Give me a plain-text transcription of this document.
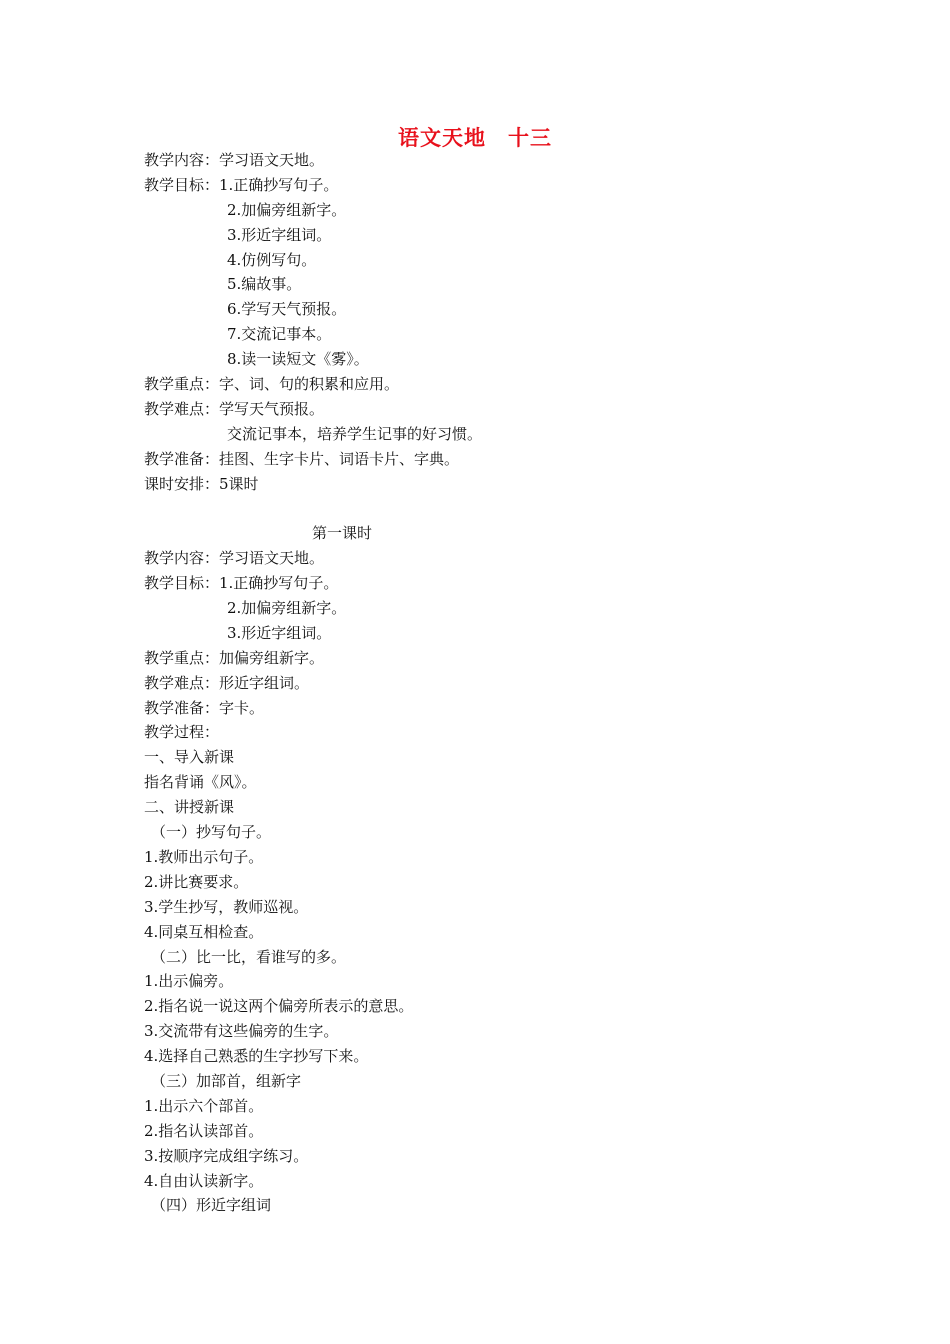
语文天地　十三
教学内容：学习语文天地。
教学目标：1.正确抄写句子。
2.加偏旁组新字。
3.形近字组词。
4.仿例写句。
5.编故事。
6.学写天气预报。
7.交流记事本。
8.读一读短文《雾》。
教学重点：字、词、句的积累和应用。
教学难点：学写天气预报。
交流记事本，培养学生记事的好习惯。
教学准备：挂图、生字卡片、词语卡片、字典。
课时安排：5课时
第一课时
教学内容：学习语文天地。
教学目标：1.正确抄写句子。
2.加偏旁组新字。
3.形近字组词。
教学重点：加偏旁组新字。
教学难点：形近字组词。
教学准备：字卡。
教学过程：
一、导入新课
指名背诵《风》。
二、讲授新课
（一）抄写句子。
1.教师出示句子。
2.讲比赛要求。
3.学生抄写，教师巡视。
4.同桌互相检查。
（二）比一比，看谁写的多。
1.出示偏旁。
2.指名说一说这两个偏旁所表示的意思。
3.交流带有这些偏旁的生字。
4.选择自己熟悉的生字抄写下来。
（三）加部首，组新字
1.出示六个部首。
2.指名认读部首。
3.按顺序完成组字练习。
4.自由认读新字。
（四）形近字组词
